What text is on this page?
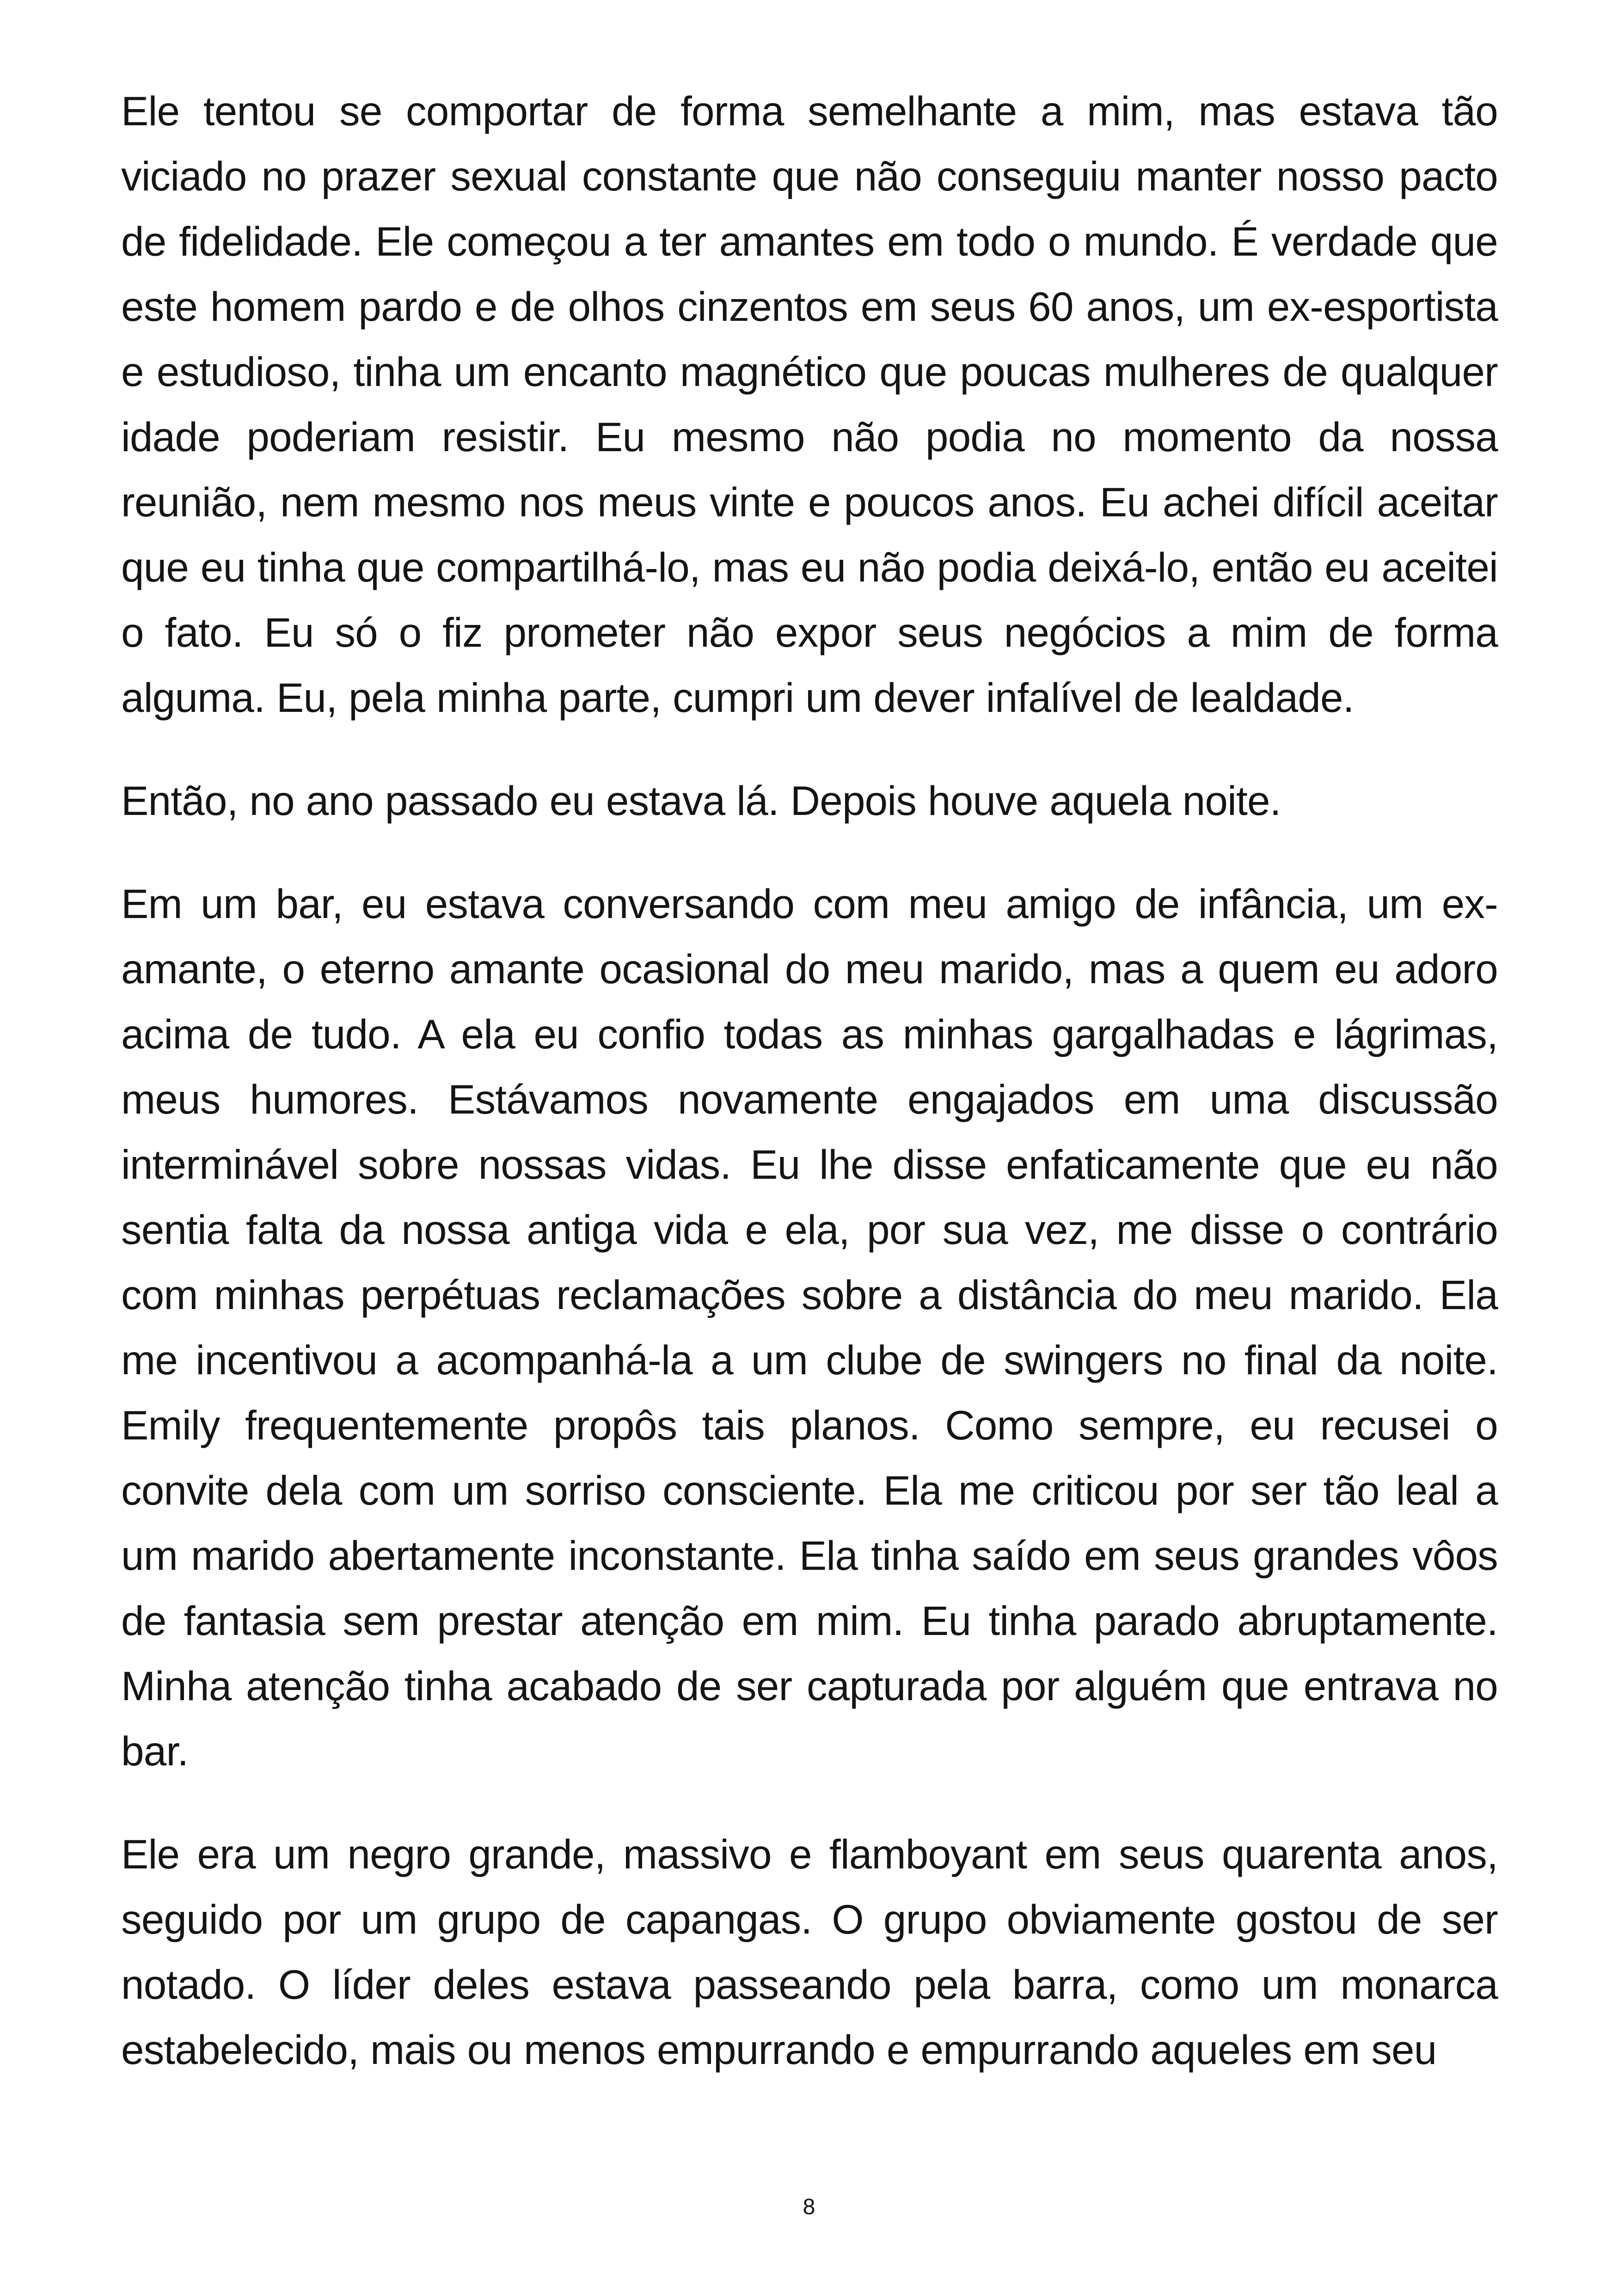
Ele tentou se comportar de forma semelhante a mim, mas estava tão viciado no prazer sexual constante que não conseguiu manter nosso pacto de fidelidade. Ele começou a ter amantes em todo o mundo. É verdade que este homem pardo e de olhos cinzentos em seus 60 anos, um ex-esportista e estudioso, tinha um encanto magnético que poucas mulheres de qualquer idade poderiam resistir. Eu mesmo não podia no momento da nossa reunião, nem mesmo nos meus vinte e poucos anos. Eu achei difícil aceitar que eu tinha que compartilhá-lo, mas eu não podia deixá-lo, então eu aceitei o fato. Eu só o fiz prometer não expor seus negócios a mim de forma alguma. Eu, pela minha parte, cumpri um dever infalível de lealdade.

Então, no ano passado eu estava lá. Depois houve aquela noite.

Em um bar, eu estava conversando com meu amigo de infância, um ex-amante, o eterno amante ocasional do meu marido, mas a quem eu adoro acima de tudo. A ela eu confio todas as minhas gargalhadas e lágrimas, meus humores. Estávamos novamente engajados em uma discussão interminável sobre nossas vidas. Eu lhe disse enfaticamente que eu não sentia falta da nossa antiga vida e ela, por sua vez, me disse o contrário com minhas perpétuas reclamações sobre a distância do meu marido. Ela me incentivou a acompanhá-la a um clube de swingers no final da noite. Emily frequentemente propôs tais planos. Como sempre, eu recusei o convite dela com um sorriso consciente. Ela me criticou por ser tão leal a um marido abertamente inconstante. Ela tinha saído em seus grandes vôos de fantasia sem prestar atenção em mim. Eu tinha parado abruptamente. Minha atenção tinha acabado de ser capturada por alguém que entrava no bar.

Ele era um negro grande, massivo e flamboyant em seus quarenta anos, seguido por um grupo de capangas. O grupo obviamente gostou de ser notado. O líder deles estava passeando pela barra, como um monarca estabelecido, mais ou menos empurrando e empurrando aqueles em seu

8
